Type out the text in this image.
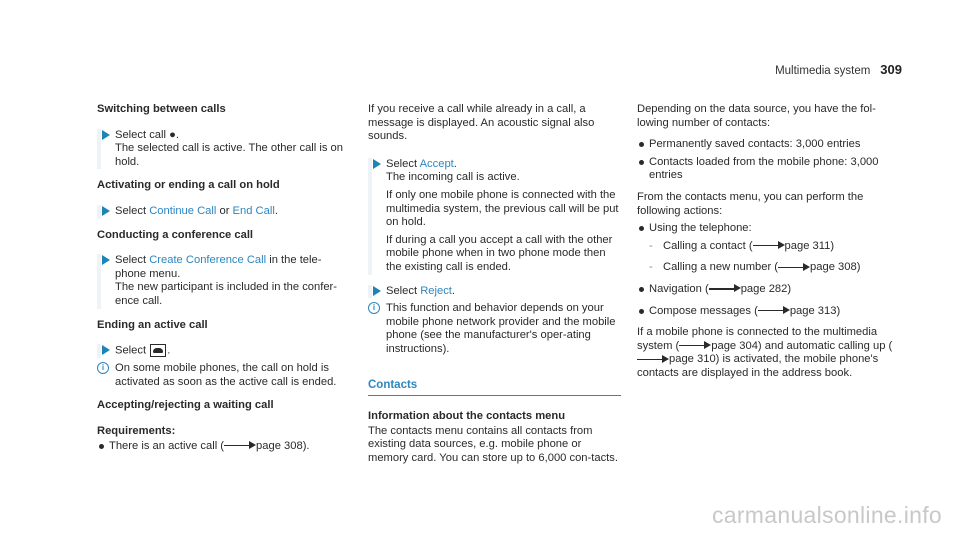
Multimedia system 309
Switching between calls
Select call ●.
The selected call is active. The other call is on hold.
Activating or ending a call on hold
Select Continue Call or End Call.
Conducting a conference call
Select Create Conference Call in the tele-phone menu.
The new participant is included in the confer-ence call.
Ending an active call
Select .
i On some mobile phones, the call on hold is activated as soon as the active call is ended.
Accepting/rejecting a waiting call
Requirements:
There is an active call (	page 308).
If you receive a call while already in a call, a message is displayed. An acoustic signal also sounds.
Select Accept.
The incoming call is active.
If only one mobile phone is connected with the multimedia system, the previous call will be put on hold.
If during a call you accept a call with the other mobile phone when in two phone mode then the existing call is ended.
Select Reject.
i This function and behavior depends on your mobile phone network provider and the mobile phone (see the manufacturer's oper-ating instructions).
Contacts
Information about the contacts menu
The contacts menu contains all contacts from existing data sources, e.g. mobile phone or memory card. You can store up to 6,000 con-tacts.
Depending on the data source, you have the fol-lowing number of contacts:
Permanently saved contacts: 3,000 entries
Contacts loaded from the mobile phone: 3,000 entries
From the contacts menu, you can perform the following actions:
Using the telephone:
- Calling a contact (	page 311)
- Calling a new number (	page 308)
Navigation (	page 282)
Compose messages (	page 313)
If a mobile phone is connected to the multimedia system (	page 304) and automatic calling up (page 310) is activated, the mobile phone's contacts are displayed in the address book.
carmanualsonline.info
